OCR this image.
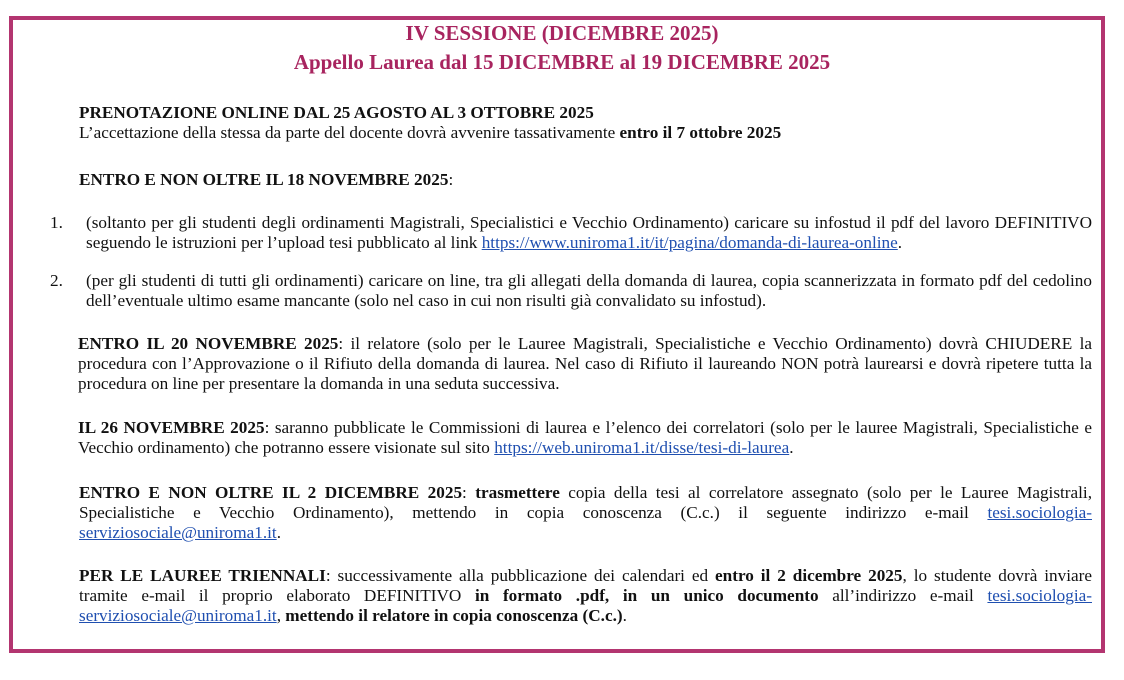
IV SESSIONE (DICEMBRE 2025)
Appello Laurea dal 15 DICEMBRE al 19 DICEMBRE 2025

PRENOTAZIONE ONLINE DAL 25 AGOSTO AL 3 OTTOBRE 2025
L’accettazione della stessa da parte del docente dovrà avvenire tassativamente entro il 7 ottobre 2025

ENTRO E NON OLTRE IL 18 NOVEMBRE 2025:

1. (soltanto per gli studenti degli ordinamenti Magistrali, Specialistici e Vecchio Ordinamento) caricare su infostud il pdf del lavoro DEFINITIVO seguendo le istruzioni per l’upload tesi pubblicato al link https://www.uniroma1.it/it/pagina/domanda-di-laurea-online.

2. (per gli studenti di tutti gli ordinamenti) caricare on line, tra gli allegati della domanda di laurea, copia scannerizzata in formato pdf del cedolino dell’eventuale ultimo esame mancante (solo nel caso in cui non risulti già convalidato su infostud).

ENTRO IL 20 NOVEMBRE 2025: il relatore (solo per le Lauree Magistrali, Specialistiche e Vecchio Ordinamento) dovrà CHIUDERE la procedura con l’Approvazione o il Rifiuto della domanda di laurea. Nel caso di Rifiuto il laureando NON potrà laurearsi e dovrà ripetere tutta la procedura on line per presentare la domanda in una seduta successiva.

IL 26 NOVEMBRE 2025: saranno pubblicate le Commissioni di laurea e l’elenco dei correlatori (solo per le lauree Magistrali, Specialistiche e Vecchio ordinamento) che potranno essere visionate sul sito https://web.uniroma1.it/disse/tesi-di-laurea.

ENTRO E NON OLTRE IL 2 DICEMBRE 2025: trasmettere copia della tesi al correlatore assegnato (solo per le Lauree Magistrali, Specialistiche e Vecchio Ordinamento), mettendo in copia conoscenza (C.c.) il seguente indirizzo e-mail tesi.sociologia-serviziosociale@uniroma1.it.

PER LE LAUREE TRIENNALI: successivamente alla pubblicazione dei calendari ed entro il 2 dicembre 2025, lo studente dovrà inviare tramite e-mail il proprio elaborato DEFINITIVO in formato .pdf, in un unico documento all’indirizzo e-mail tesi.sociologia-serviziosociale@uniroma1.it, mettendo il relatore in copia conoscenza (C.c.).
